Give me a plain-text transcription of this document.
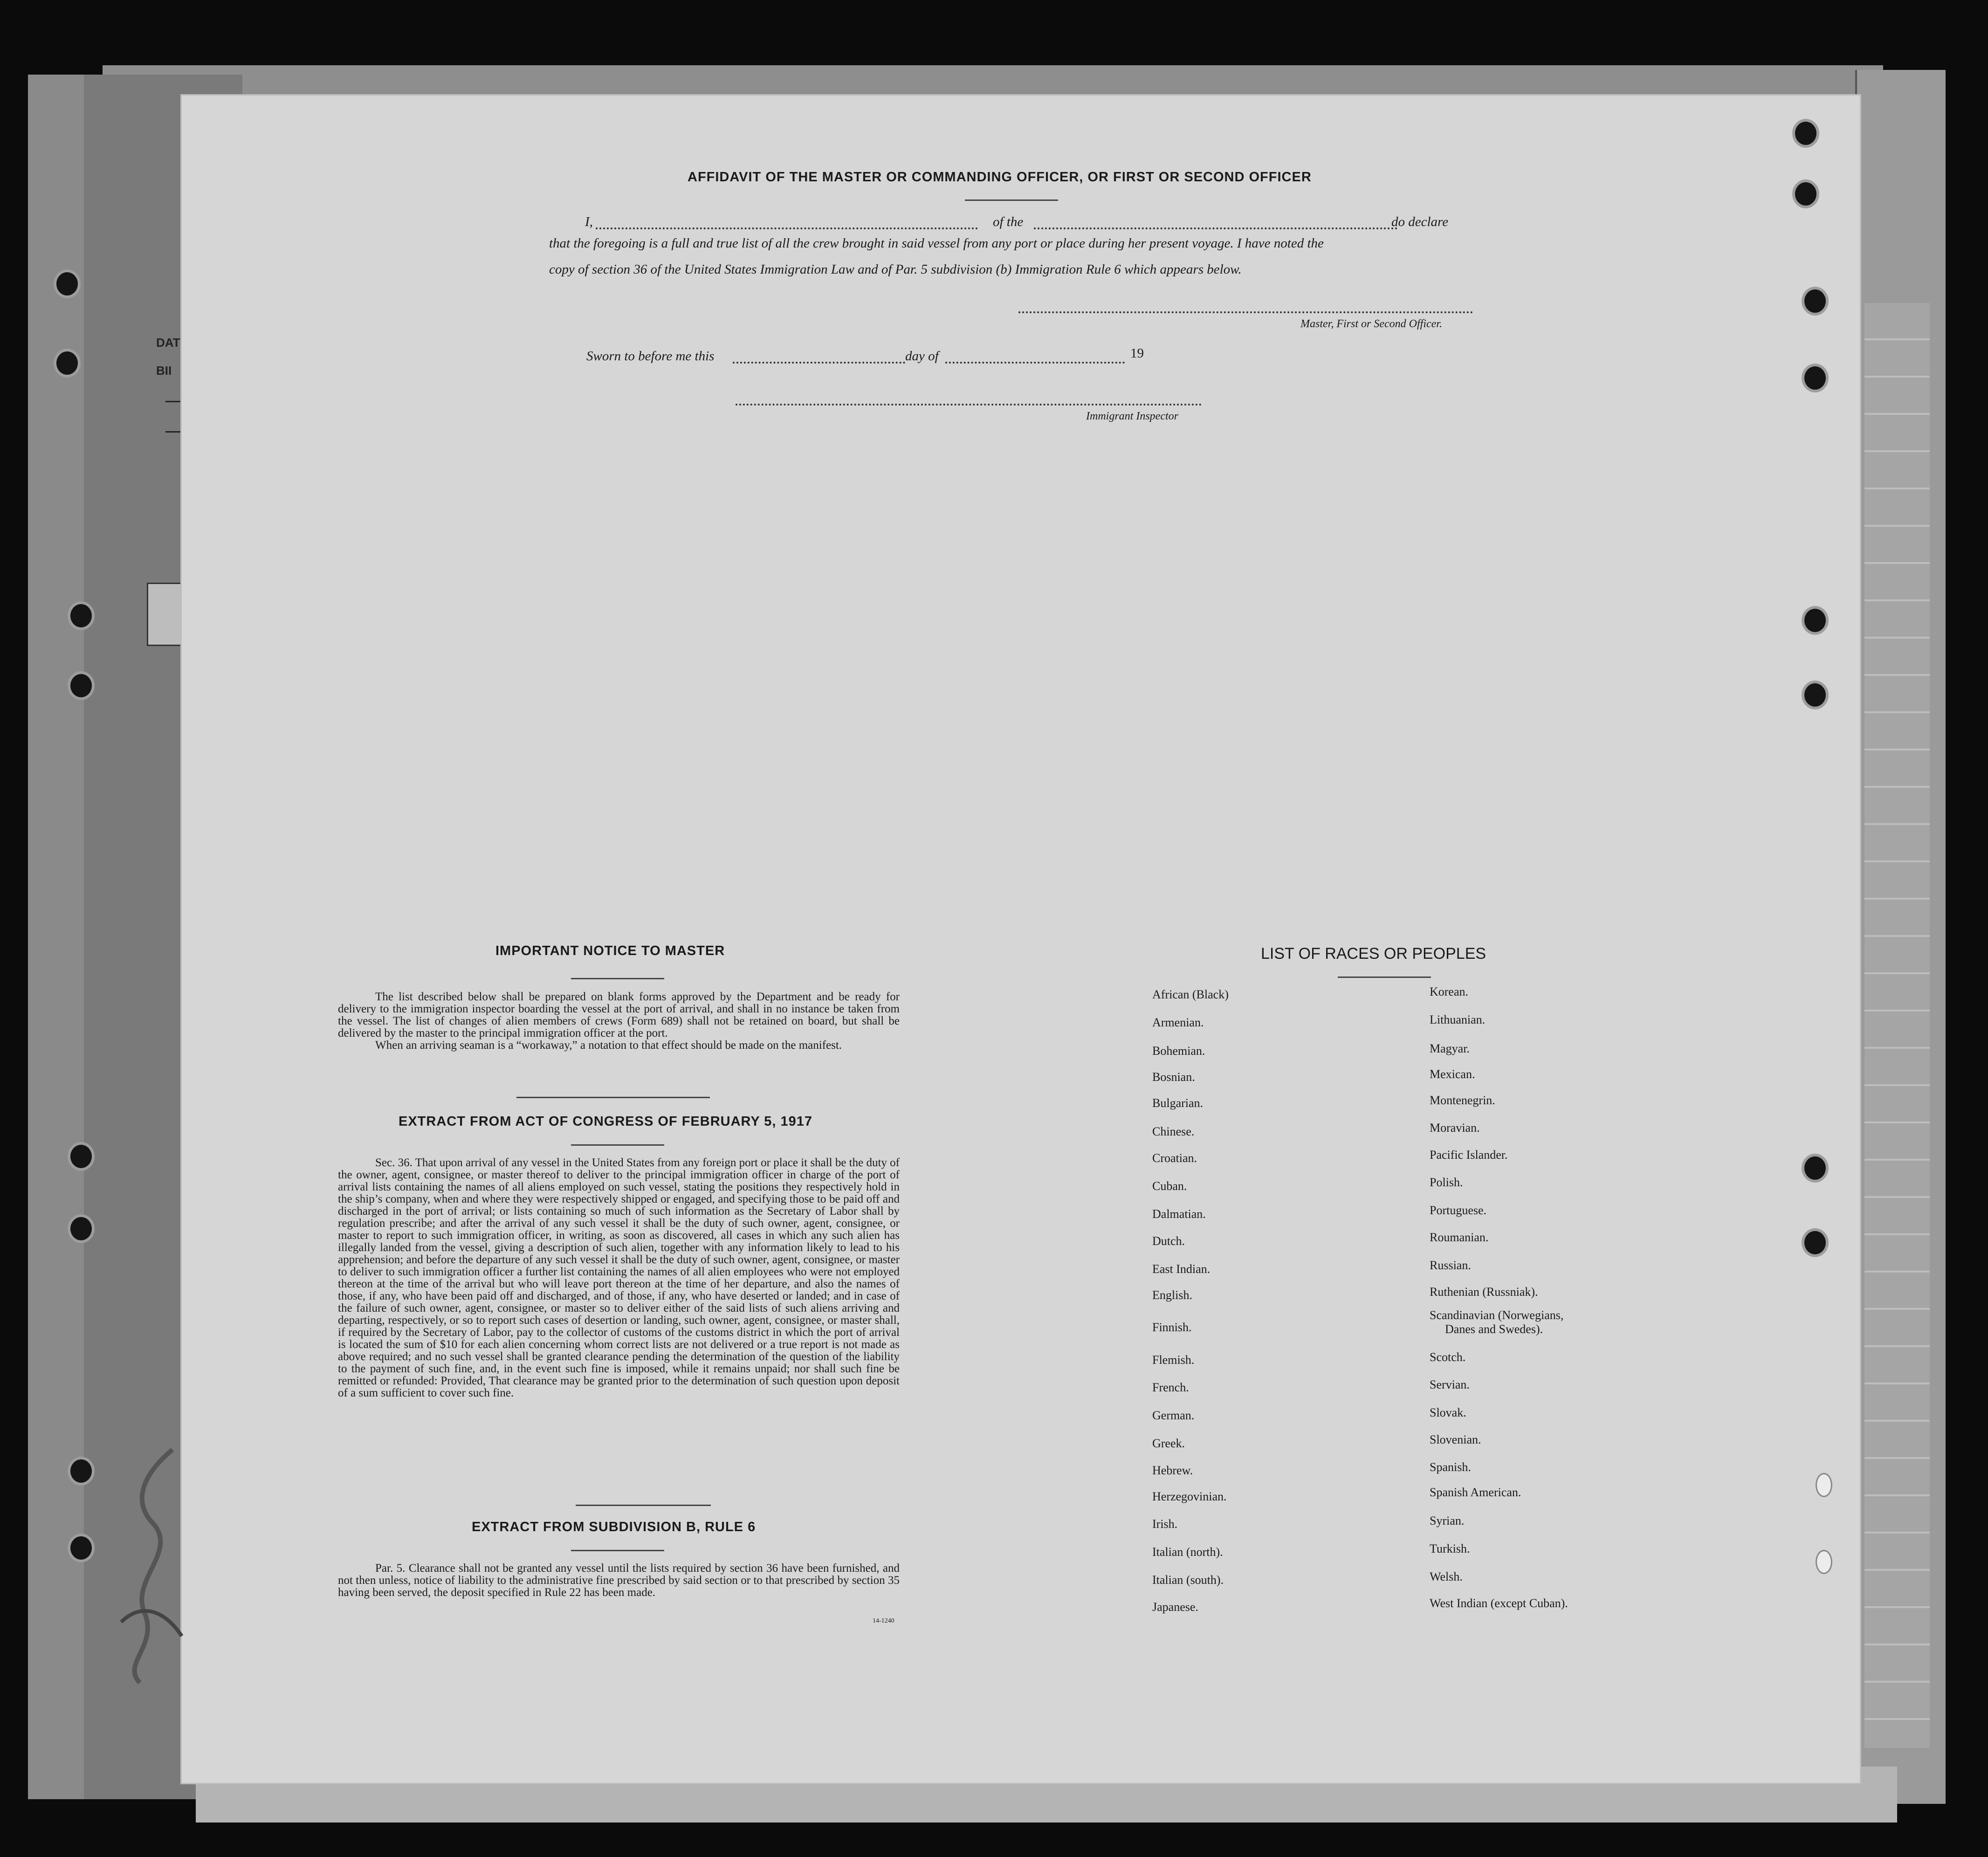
DAT
BII
AFFIDAVIT OF THE MASTER OR COMMANDING OFFICER, OR FIRST OR SECOND OFFICER
I,	of the	do declare
that the foregoing is a full and true list of all the crew brought in said vessel from any port or place during her present voyage. I have noted the
copy of section 36 of the United States Immigration Law and of Par. 5 subdivision (b) Immigration Rule 6 which appears below.
Master, First or Second Officer.
Sworn to before me this	day of	19
Immigrant Inspector
IMPORTANT NOTICE TO MASTER

The list described below shall be prepared on blank forms approved by the Department and be ready for delivery to the immigration inspector boarding the vessel at the port of arrival, and shall in no instance be taken from the vessel. The list of changes of alien members of crews (Form 689) shall not be retained on board, but shall be delivered by the master to the principal immigration officer at the port.

When an arriving seaman is a “workaway,” a notation to that effect should be made on the manifest.

EXTRACT FROM ACT OF CONGRESS OF FEBRUARY 5, 1917

Sec. 36. That upon arrival of any vessel in the United States from any foreign port or place it shall be the duty of the owner, agent, consignee, or master thereof to deliver to the principal immigration officer in charge of the port of arrival lists containing the names of all aliens employed on such vessel, stating the positions they respectively hold in the ship’s company, when and where they were respectively shipped or engaged, and specifying those to be paid off and discharged in the port of arrival; or lists containing so much of such information as the Secretary of Labor shall by regulation prescribe; and after the arrival of any such vessel it shall be the duty of such owner, agent, consignee, or master to report to such immigration officer, in writing, as soon as discovered, all cases in which any such alien has illegally landed from the vessel, giving a description of such alien, together with any information likely to lead to his apprehension; and before the departure of any such vessel it shall be the duty of such owner, agent, consignee, or master to deliver to such immigration officer a further list containing the names of all alien employees who were not employed thereon at the time of the arrival but who will leave port thereon at the time of her departure, and also the names of those, if any, who have been paid off and discharged, and of those, if any, who have deserted or landed; and in case of the failure of such owner, agent, consignee, or master so to deliver either of the said lists of such aliens arriving and departing, respectively, or so to report such cases of desertion or landing, such owner, agent, consignee, or master shall, if required by the Secretary of Labor, pay to the collector of customs of the customs district in which the port of arrival is located the sum of $10 for each alien concerning whom correct lists are not delivered or a true report is not made as above required; and no such vessel shall be granted clearance pending the determination of the question of the liability to the payment of such fine, and, in the event such fine is imposed, while it remains unpaid; nor shall such fine be remitted or refunded: Provided, That clearance may be granted prior to the determination of such question upon deposit of a sum sufficient to cover such fine.

EXTRACT FROM SUBDIVISION B, RULE 6

Par. 5. Clearance shall not be granted any vessel until the lists required by section 36 have been furnished, and not then unless, notice of liability to the administrative fine prescribed by said section or to that prescribed by section 35 having been served, the deposit specified in Rule 22 has been made.

14-1240
LIST OF RACES OR PEOPLES
African (Black)
Armenian.
Bohemian.
Bosnian.
Bulgarian.
Chinese.
Croatian.
Cuban.
Dalmatian.
Dutch.
East Indian.
English.
Finnish.
Flemish.
French.
German.
Greek.
Hebrew.
Herzegovinian.
Irish.
Italian (north).
Italian (south).
Japanese.
Korean.
Lithuanian.
Magyar.
Mexican.
Montenegrin.
Moravian.
Pacific Islander.
Polish.
Portuguese.
Roumanian.
Russian.
Ruthenian (Russniak).
Scandinavian (Norwegians,
Danes and Swedes).
Scotch.
Servian.
Slovak.
Slovenian.
Spanish.
Spanish American.
Syrian.
Turkish.
Welsh.
West Indian (except Cuban).
